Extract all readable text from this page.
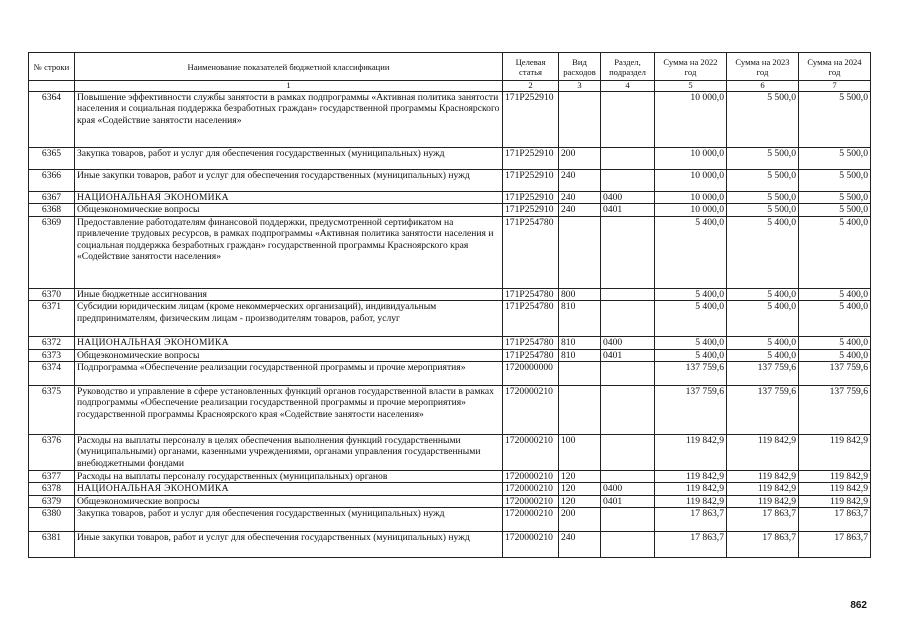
№ строки	Наименование показателей бюджетной классификации	Целевая статья	Вид расходов	Раздел, подраздел	Сумма на 2022 год	Сумма на 2023 год	Сумма на 2024 год
	1	2	3	4	5	6	7
6364	Повышение эффективности службы занятости в рамках подпрограммы «Активная политика занятости населения и социальная поддержка безработных граждан» государственной программы Красноярского края «Содействие занятости населения»	171P252910			10 000,0	5 500,0	5 500,0
6365	Закупка товаров, работ и услуг для обеспечения государственных (муниципальных) нужд	171P252910	200		10 000,0	5 500,0	5 500,0
6366	Иные закупки товаров, работ и услуг для обеспечения государственных (муниципальных) нужд	171P252910	240		10 000,0	5 500,0	5 500,0
6367	НАЦИОНАЛЬНАЯ ЭКОНОМИКА	171P252910	240	0400	10 000,0	5 500,0	5 500,0
6368	Общеэкономические вопросы	171P252910	240	0401	10 000,0	5 500,0	5 500,0
6369	Предоставление работодателям финансовой поддержки, предусмотренной сертификатом на привлечение трудовых ресурсов, в рамках подпрограммы «Активная политика занятости населения и социальная поддержка безработных граждан» государственной программы Красноярского края «Содействие занятости населения»	171P254780			5 400,0	5 400,0	5 400,0
6370	Иные бюджетные ассигнования	171P254780	800		5 400,0	5 400,0	5 400,0
6371	Субсидии юридическим лицам (кроме некоммерческих организаций), индивидуальным предпринимателям, физическим лицам - производителям товаров, работ, услуг	171P254780	810		5 400,0	5 400,0	5 400,0
6372	НАЦИОНАЛЬНАЯ ЭКОНОМИКА	171P254780	810	0400	5 400,0	5 400,0	5 400,0
6373	Общеэкономические вопросы	171P254780	810	0401	5 400,0	5 400,0	5 400,0
6374	Подпрограмма «Обеспечение реализации государственной программы и прочие мероприятия»	1720000000			137 759,6	137 759,6	137 759,6
6375	Руководство и управление в сфере установленных функций органов государственной власти в рамках подпрограммы «Обеспечение реализации государственной программы и прочие мероприятия» государственной программы Красноярского края «Содействие занятости населения»	1720000210			137 759,6	137 759,6	137 759,6
6376	Расходы на выплаты персоналу в целях обеспечения выполнения функций государственными (муниципальными) органами, казенными учреждениями, органами управления государственными внебюджетными фондами	1720000210	100		119 842,9	119 842,9	119 842,9
6377	Расходы на выплаты персоналу государственных (муниципальных) органов	1720000210	120		119 842,9	119 842,9	119 842,9
6378	НАЦИОНАЛЬНАЯ ЭКОНОМИКА	1720000210	120	0400	119 842,9	119 842,9	119 842,9
6379	Общеэкономические вопросы	1720000210	120	0401	119 842,9	119 842,9	119 842,9
6380	Закупка товаров, работ и услуг для обеспечения государственных (муниципальных) нужд	1720000210	200		17 863,7	17 863,7	17 863,7
6381	Иные закупки товаров, работ и услуг для обеспечения государственных (муниципальных) нужд	1720000210	240		17 863,7	17 863,7	17 863,7
862
